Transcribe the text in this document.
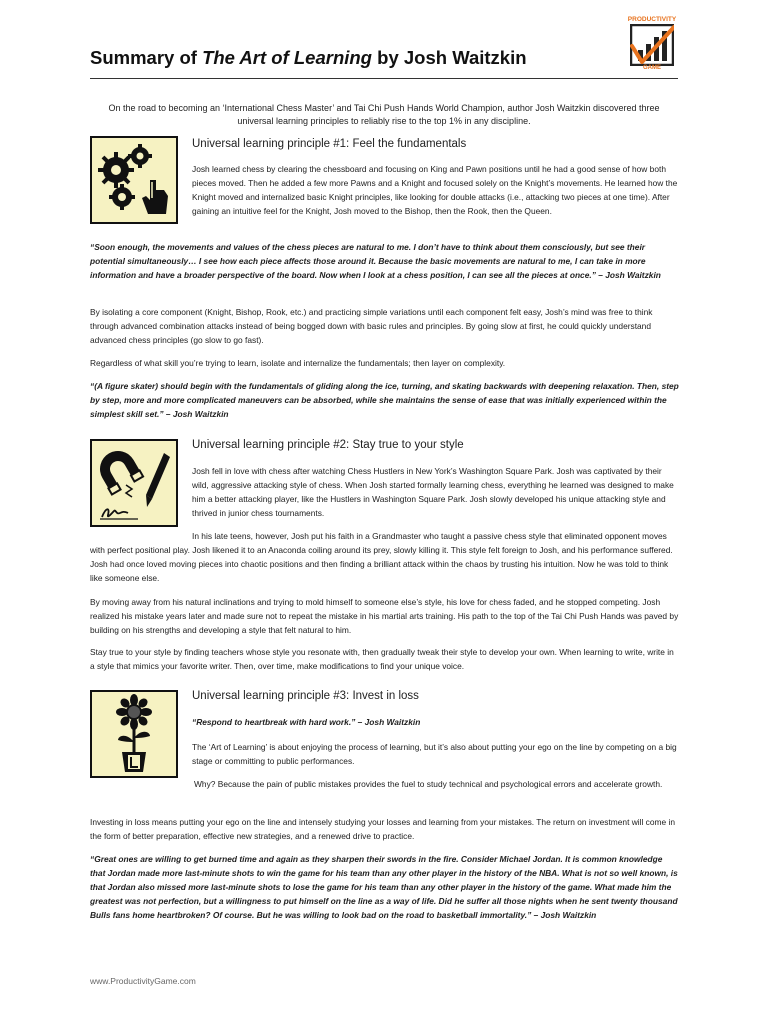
Summary of The Art of Learning by Josh Waitzkin
PRODUCTIVITY
GAME

On the road to becoming an ‘International Chess Master’ and Tai Chi Push Hands World Champion, author Josh Waitzkin discovered three universal learning principles to reliably rise to the top 1% in any discipline.

Universal learning principle #1: Feel the fundamentals

Josh learned chess by clearing the chessboard and focusing on King and Pawn positions until he had a good sense of how both pieces moved. Then he added a few more Pawns and a Knight and focused solely on the Knight’s movements. He learned how the Knight moved and internalized basic Knight principles, like looking for double attacks (i.e., attacking two pieces at one time). After gaining an intuitive feel for the Knight, Josh moved to the Bishop, then the Rook, then the Queen.

“Soon enough, the movements and values of the chess pieces are natural to me. I don’t have to think about them consciously, but see their potential simultaneously… I see how each piece affects those around it. Because the basic movements are natural to me, I can take in more information and have a broader perspective of the board. Now when I look at a chess position, I can see all the pieces at once.” – Josh Waitzkin

By isolating a core component (Knight, Bishop, Rook, etc.) and practicing simple variations until each component felt easy, Josh’s mind was free to think through advanced combination attacks instead of being bogged down with basic rules and principles. By going slow at first, he could quickly understand advanced chess principles (go slow to go fast).

Regardless of what skill you’re trying to learn, isolate and internalize the fundamentals; then layer on complexity.

“(A figure skater) should begin with the fundamentals of gliding along the ice, turning, and skating backwards with deepening relaxation. Then, step by step, more and more complicated maneuvers can be absorbed, while she maintains the sense of ease that was initially experienced within the simplest skill set.” – Josh Waitzkin

Universal learning principle #2: Stay true to your style

Josh fell in love with chess after watching Chess Hustlers in New York’s Washington Square Park. Josh was captivated by their wild, aggressive attacking style of chess. When Josh started formally learning chess, everything he learned was designed to make him a better attacking player, like the Hustlers in Washington Square Park. Josh slowly developed his unique attacking style and thrived in junior chess tournaments.

In his late teens, however, Josh put his faith in a Grandmaster who taught a passive chess style that eliminated opponent moves with perfect positional play. Josh likened it to an Anaconda coiling around its prey, slowly killing it. This style felt foreign to Josh, and his performance suffered. Josh had once loved moving pieces into chaotic positions and then finding a brilliant attack within the chaos by trusting his intuition. Now he was told to think like someone else.

By moving away from his natural inclinations and trying to mold himself to someone else’s style, his love for chess faded, and he stopped competing. Josh realized his mistake years later and made sure not to repeat the mistake in his martial arts training. His path to the top of the Tai Chi Push Hands was paved by building on his strengths and developing a style that felt natural to him.

Stay true to your style by finding teachers whose style you resonate with, then gradually tweak their style to develop your own. When learning to write, write in a style that mimics your favorite writer. Then, over time, make modifications to find your unique voice.

Universal learning principle #3: Invest in loss

“Respond to heartbreak with hard work.” – Josh Waitzkin

The ‘Art of Learning’ is about enjoying the process of learning, but it’s also about putting your ego on the line by competing on a big stage or committing to public performances.

Why? Because the pain of public mistakes provides the fuel to study technical and psychological errors and accelerate growth.

Investing in loss means putting your ego on the line and intensely studying your losses and learning from your mistakes. The return on investment will come in the form of better preparation, effective new strategies, and a renewed drive to practice.

“Great ones are willing to get burned time and again as they sharpen their swords in the fire. Consider Michael Jordan. It is common knowledge that Jordan made more last-minute shots to win the game for his team than any other player in the history of the NBA. What is not so well known, is that Jordan also missed more last-minute shots to lose the game for his team than any other player in the history of the game. What made him the greatest was not perfection, but a willingness to put himself on the line as a way of life. Did he suffer all those nights when he sent twenty thousand Bulls fans home heartbroken? Of course. But he was willing to look bad on the road to basketball immortality.” – Josh Waitzkin

www.ProductivityGame.com
